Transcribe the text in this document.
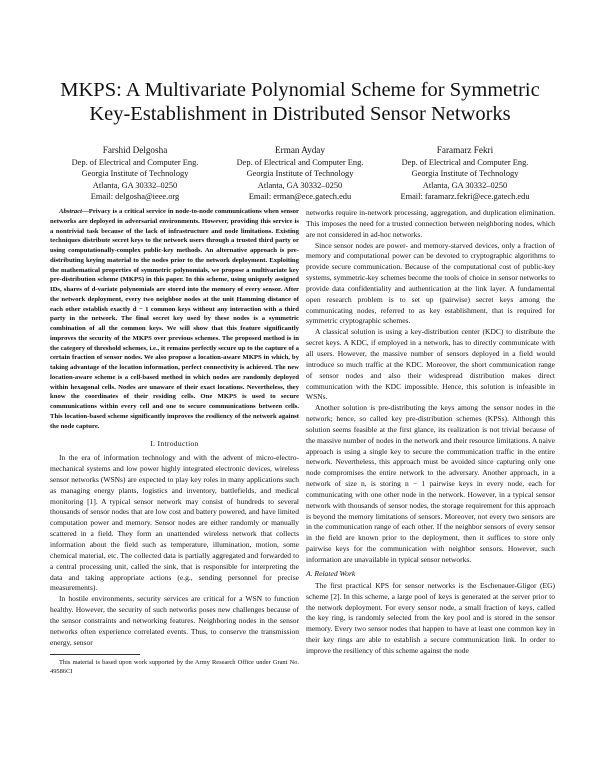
MKPS: A Multivariate Polynomial Scheme for Symmetric Key-Establishment in Distributed Sensor Networks
Farshid Delgosha
Dep. of Electrical and Computer Eng.
Georgia Institute of Technology
Atlanta, GA 30332–0250
Email: delgosha@ieee.org
Erman Ayday
Dep. of Electrical and Computer Eng.
Georgia Institute of Technology
Atlanta, GA 30332–0250
Email: erman@ece.gatech.edu
Faramarz Fekri
Dep. of Electrical and Computer Eng.
Georgia Institute of Technology
Atlanta, GA 30332–0250
Email: faramarz.fekri@ece.gatech.edu

Abstract—Privacy is a critical service in node-to-node communications when sensor networks are deployed in adversarial environments. However, providing this service is a nontrivial task because of the lack of infrastructure and node limitations. Existing techniques distribute secret keys to the network users through a trusted third party or using computationally-complex public-key methods. An alternative approach is pre-distributing keying material to the nodes prior to the network deployment. Exploiting the mathematical properties of symmetric polynomials, we propose a multivariate key pre-distribution scheme (MKPS) in this paper. In this scheme, using uniquely assigned IDs, shares of d-variate polynomials are stored into the memory of every sensor. After the network deployment, every two neighbor nodes at the unit Hamming distance of each other establish exactly d − 1 common keys without any interaction with a third party in the network. The final secret key used by these nodes is a symmetric combination of all the common keys. We will show that this feature significantly improves the security of the MKPS over previous schemes. The proposed method is in the category of threshold schemes, i.e., it remains perfectly secure up to the capture of a certain fraction of sensor nodes. We also propose a location-aware MKPS in which, by taking advantage of the location information, perfect connectivity is achieved. The new location-aware scheme is a cell-based method in which nodes are randomly deployed within hexagonal cells. Nodes are unaware of their exact locations. Nevertheless, they know the coordinates of their residing cells. One MKPS is used to secure communications within every cell and one to secure communications between cells. This location-based scheme significantly improves the resiliency of the network against the node capture.

I. Introduction

In the era of information technology and with the advent of micro-electro-mechanical systems and low power highly integrated electronic devices, wireless sensor networks (WSNs) are expected to play key roles in many applications such as managing energy plants, logistics and inventory, battlefields, and medical monitoring [1]. A typical sensor network may consist of hundreds to several thousands of sensor nodes that are low cost and battery powered, and have limited computation power and memory. Sensor nodes are either randomly or manually scattered in a field. They form an unattended wireless network that collects information about the field such as temperature, illumination, motion, some chemical material, etc. The collected data is partially aggregated and forwarded to a central processing unit, called the sink, that is responsible for interpreting the data and taking appropriate actions (e.g., sending personnel for precise measurements).

In hostile environments, security services are critical for a WSN to function healthy. However, the security of such networks poses new challenges because of the sensor constraints and networking features. Neighboring nodes in the sensor networks often experience correlated events. Thus, to conserve the transmission energy, sensor

This material is based upon work supported by the Army Research Office under Grant No. 49586CI

networks require in-network processing, aggregation, and duplication elimination. This imposes the need for a trusted connection between neighboring nodes, which are not considered in ad-hoc networks.

Since sensor nodes are power- and memory-starved devices, only a fraction of memory and computational power can be devoted to cryptographic algorithms to provide secure communication. Because of the computational cost of public-key systems, symmetric-key schemes become the tools of choice in sensor networks to provide data confidentiality and authentication at the link layer. A fundamental open research problem is to set up (pairwise) secret keys among the communicating nodes, referred to as key establishment, that is required for symmetric cryptographic schemes.

A classical solution is using a key-distribution center (KDC) to distribute the secret keys. A KDC, if employed in a network, has to directly communicate with all users. However, the massive number of sensors deployed in a field would introduce so much traffic at the KDC. Moreover, the short communication range of sensor nodes and also their widespread distribution makes direct communication with the KDC impossible. Hence, this solution is infeasible in WSNs.

Another solution is pre-distributing the keys among the sensor nodes in the network; hence, so called key pre-distribution schemes (KPSs). Although this solution seems feasible at the first glance, its realization is not trivial because of the massive number of nodes in the network and their resource limitations. A naive approach is using a single key to secure the communication traffic in the entire network. Nevertheless, this approach must be avoided since capturing only one node compromises the entire network to the adversary. Another approach, in a network of size n, is storing n − 1 pairwise keys in every node, each for communicating with one other node in the network. However, in a typical sensor network with thousands of sensor nodes, the storage requirement for this approach is beyond the memory limitations of sensors. Moreover, not every two sensors are in the communication range of each other. If the neighbor sensors of every sensor in the field are known prior to the deployment, then it suffices to store only pairwise keys for the communication with neighbor sensors. However, such information are unavailable in typical sensor networks.

A. Related Work

The first practical KPS for sensor networks is the Eschenauer-Gligor (EG) scheme [2]. In this scheme, a large pool of keys is generated at the server prior to the network deployment. For every sensor node, a small fraction of keys, called the key ring, is randomly selected from the key pool and is stored in the sensor memory. Every two sensor nodes that happen to have at least one common key in their key rings are able to establish a secure communication link. In order to improve the resiliency of this scheme against the node
